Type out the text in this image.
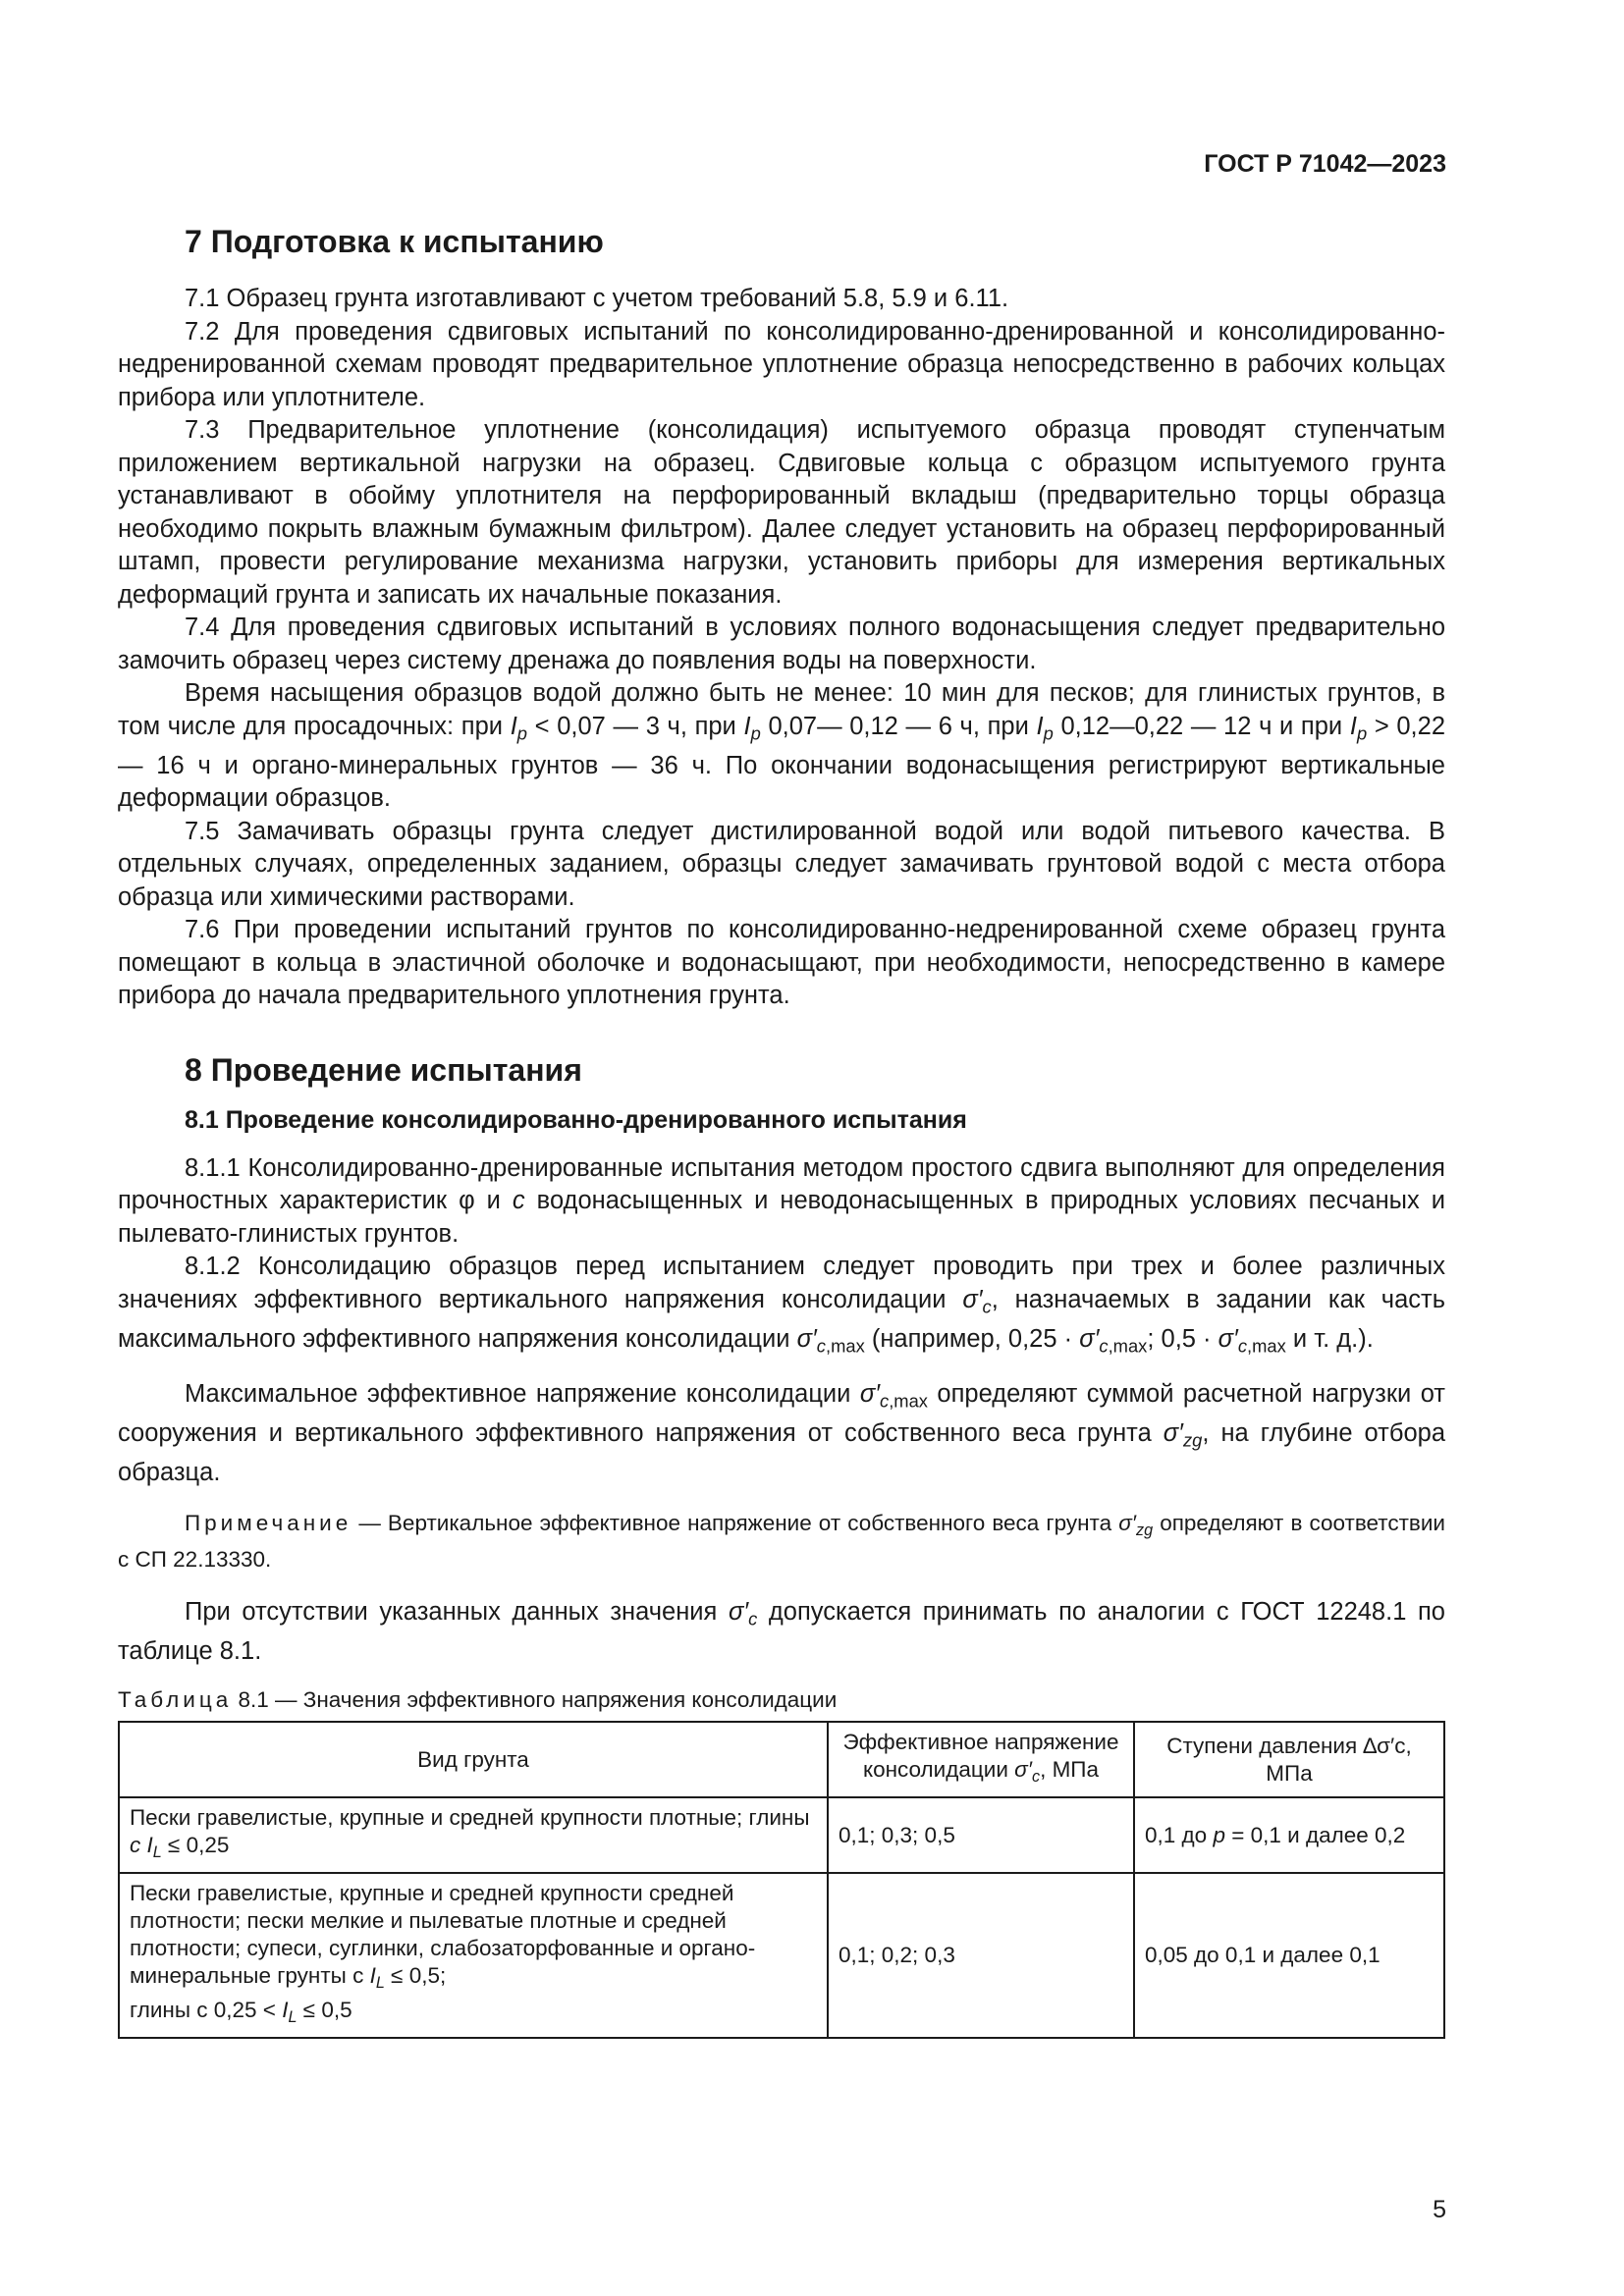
ГОСТ Р 71042—2023
7 Подготовка к испытанию

7.1 Образец грунта изготавливают с учетом требований 5.8, 5.9 и 6.11.

7.2 Для проведения сдвиговых испытаний по консолидированно-дренированной и консолидированно-недренированной схемам проводят предварительное уплотнение образца непосредственно в рабочих кольцах прибора или уплотнителе.

7.3 Предварительное уплотнение (консолидация) испытуемого образца проводят ступенчатым приложением вертикальной нагрузки на образец. Сдвиговые кольца с образцом испытуемого грунта устанавливают в обойму уплотнителя на перфорированный вкладыш (предварительно торцы образца необходимо покрыть влажным бумажным фильтром). Далее следует установить на образец перфорированный штамп, провести регулирование механизма нагрузки, установить приборы для измерения вертикальных деформаций грунта и записать их начальные показания.

7.4 Для проведения сдвиговых испытаний в условиях полного водонасыщения следует предварительно замочить образец через систему дренажа до появления воды на поверхности.

Время насыщения образцов водой должно быть не менее: 10 мин для песков; для глинистых грунтов, в том числе для просадочных: при $I_p < 0,07$ — 3 ч, при $I_p$ 0,07— 0,12 — 6 ч, при $I_p$ 0,12—0,22 — 12 ч и при $I_p > 0,22$ — 16 ч и органо-минеральных грунтов — 36 ч. По окончании водонасыщения регистрируют вертикальные деформации образцов.

7.5 Замачивать образцы грунта следует дистилированной водой или водой питьевого качества. В отдельных случаях, определенных заданием, образцы следует замачивать грунтовой водой с места отбора образца или химическими растворами.

7.6 При проведении испытаний грунтов по консолидированно-недренированной схеме образец грунта помещают в кольца в эластичной оболочке и водонасыщают, при необходимости, непосредственно в камере прибора до начала предварительного уплотнения грунта.

8 Проведение испытания
8.1 Проведение консолидированно-дренированного испытания

8.1.1 Консолидированно-дренированные испытания методом простого сдвига выполняют для определения прочностных характеристик φ и c водонасыщенных и неводонасыщенных в природных условиях песчаных и пылевато-глинистых грунтов.

8.1.2 Консолидацию образцов перед испытанием следует проводить при трех и более различных значениях эффективного вертикального напряжения консолидации $\sigma'_c$, назначаемых в задании как часть максимального эффективного напряжения консолидации $\sigma'_{c,max}$ (например, $0,25 \cdot \sigma'_{c,max}$; $0,5 \cdot \sigma'_{c,max}$ и т. д.).

Максимальное эффективное напряжение консолидации $\sigma'_{c,max}$ определяют суммой расчетной нагрузки от сооружения и вертикального эффективного напряжения от собственного веса грунта $\sigma'_{zg}$, на глубине отбора образца.

Примечание — Вертикальное эффективное напряжение от собственного веса грунта $\sigma'_{zg}$ определяют в соответствии с СП 22.13330.

При отсутствии указанных данных значения $\sigma'_c$ допускается принимать по аналогии с ГОСТ 12248.1 по таблице 8.1.

Таблица 8.1 — Значения эффективного напряжения консолидации

Вид грунта	Эффективное напряжение консолидации $\sigma'_c$, МПа	Ступени давления ∆σ′c, МПа
Пески гравелистые, крупные и средней крупности плотные; глины с $I_L \le 0,25$	0,1; 0,3; 0,5	0,1 до p = 0,1 и далее 0,2
Пески гравелистые, крупные и средней крупности средней плотности; пески мелкие и пылеватые плотные и средней плотности; супеси, суглинки, слабозаторфованные и органо-минеральные грунты с $I_L \le 0,5$;
глины с $0,25 < I_L \le 0,5$	0,1; 0,2; 0,3	0,05 до 0,1 и далее 0,1
5
